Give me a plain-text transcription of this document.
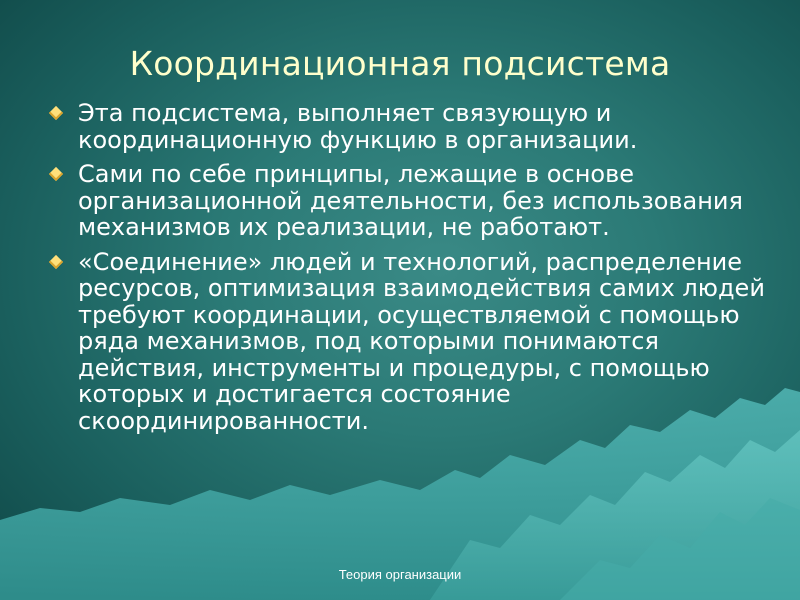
Координационная подсистема
Эта подсистема, выполняет связующую и координационную функцию в организации.
Сами по себе принципы, лежащие в основе организационной деятельности, без использования механизмов их реализации, не работают.
«Соединение» людей и технологий, распределение ресурсов, оптимизация взаимодействия самих людей требуют координации, осуществляемой с помощью ряда механизмов, под которыми понимаются действия, инструменты и процедуры, с помощью которых и достигается состояние скоординированности.
Теория организации
